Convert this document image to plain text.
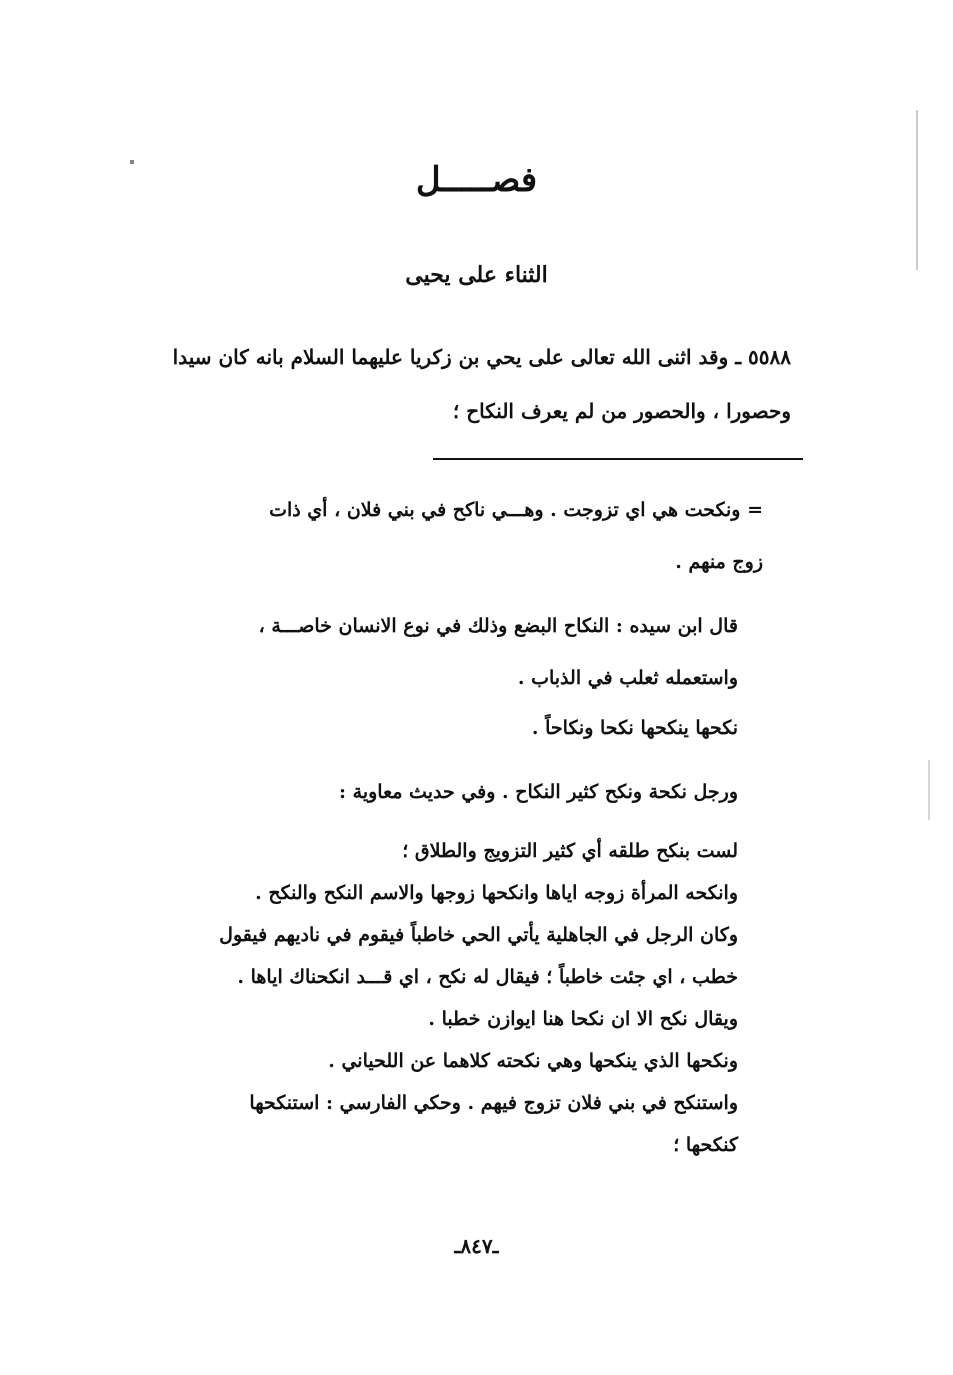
فصـــــل
الثناء على يحيى
٥٥٨٨ ـ وقد اثنى الله تعالى على يحي بن زكريا عليهما السلام بانه كان سيدا
وحصورا ، والحصور من لم يعرف النكاح ؛
= ونكحت هي اي تزوجت . وهـــي ناكح في بني فلان ، أي ذات
زوج منهم .
قال ابن سيده : النكاح البضع وذلك في نوع الانسان خاصـــة ،
واستعمله ثعلب في الذباب .
نكحها ينكحها نكحا ونكاحاً .
ورجل نكحة ونكح كثير النكاح . وفي حديث معاوية :
لست بنكح طلقه أي كثير التزويج والطلاق ؛
وانكحه المرأة زوجه اياها وانكحها زوجها والاسم النكح والنكح .
وكان الرجل في الجاهلية يأتي الحي خاطباً فيقوم في ناديهم فيقول
خطب ، اي جئت خاطباً ؛ فيقال له نكح ، اي قـــد انكحناك اياها .
ويقال نكح الا ان نكحا هنا ايوازن خطبا .
ونكحها الذي ينكحها وهي نكحته كلاهما عن اللحياني .
واستنكح في بني فلان تزوج فيهم . وحكي الفارسي : استنكحها
كنكحها ؛
ـ٨٤٧ـ
